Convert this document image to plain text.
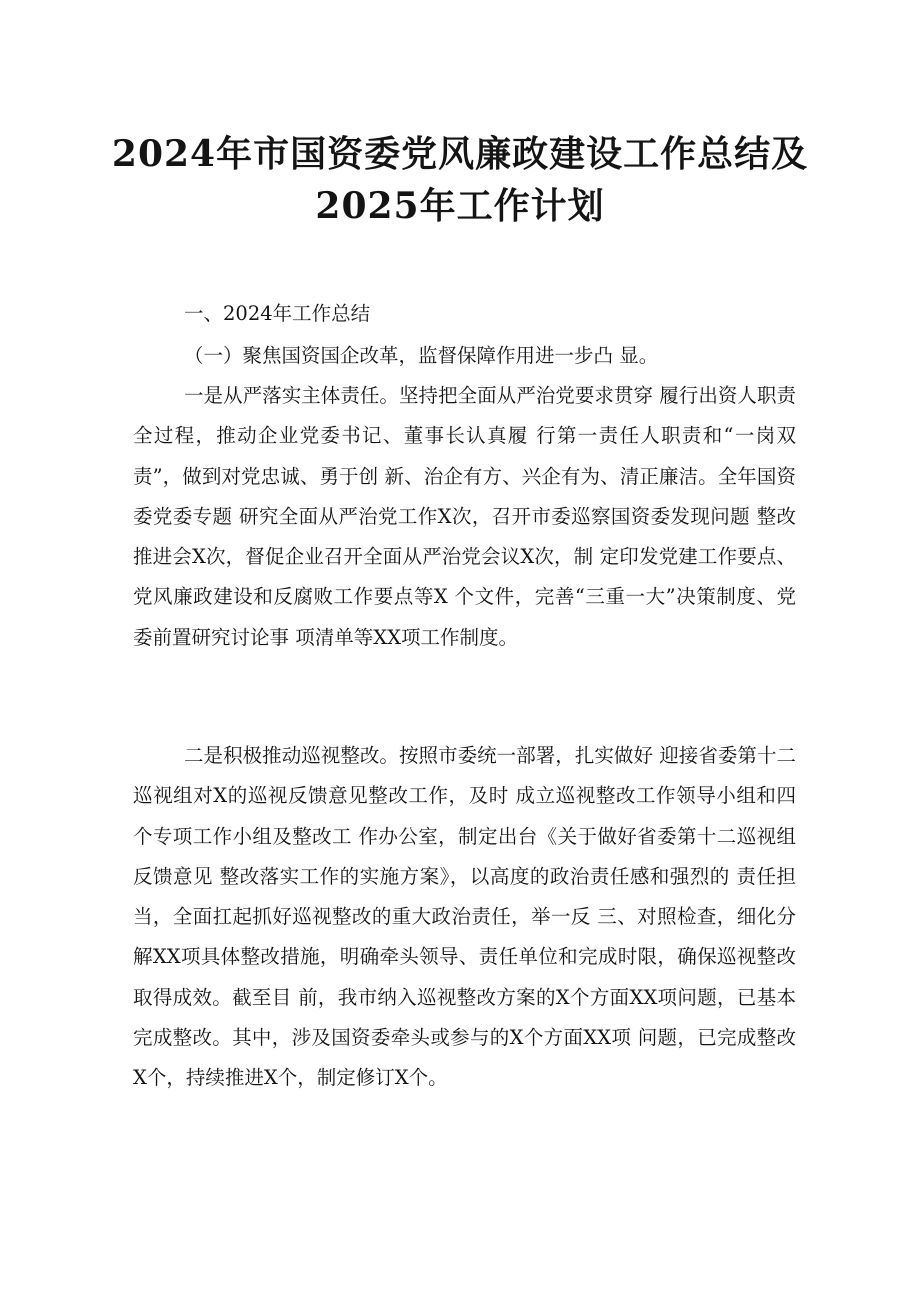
2024年市国资委党风廉政建设工作总结及
2025年工作计划
一、2024年工作总结
（一）聚焦国资国企改革，监督保障作用进一步凸 显。

一是从严落实主体责任。坚持把全面从严治党要求贯穿 履行出资人职责全过程，推动企业党委书记、董事长认真履 行第一责任人职责和“一岗双责”，做到对党忠诚、勇于创 新、治企有方、兴企有为、清正廉洁。全年国资委党委专题 研究全面从严治党工作X次，召开市委巡察国资委发现问题 整改推进会X次，督促企业召开全面从严治党会议X次，制 定印发党建工作要点、党风廉政建设和反腐败工作要点等X 个文件，完善“三重一大”决策制度、党委前置研究讨论事 项清单等XX项工作制度。

二是积极推动巡视整改。按照市委统一部署，扎实做好 迎接省委第十二巡视组对X的巡视反馈意见整改工作，及时 成立巡视整改工作领导小组和四个专项工作小组及整改工 作办公室，制定出台《关于做好省委第十二巡视组反馈意见 整改落实工作的实施方案》，以高度的政治责任感和强烈的 责任担当，全面扛起抓好巡视整改的重大政治责任，举一反 三、对照检查，细化分解XX项具体整改措施，明确牵头领导、责任单位和完成时限，确保巡视整改取得成效。截至目 前，我市纳入巡视整改方案的X个方面XX项问题，已基本 完成整改。其中，涉及国资委牵头或参与的X个方面XX项 问题，已完成整改X个，持续推进X个，制定修订X个。
